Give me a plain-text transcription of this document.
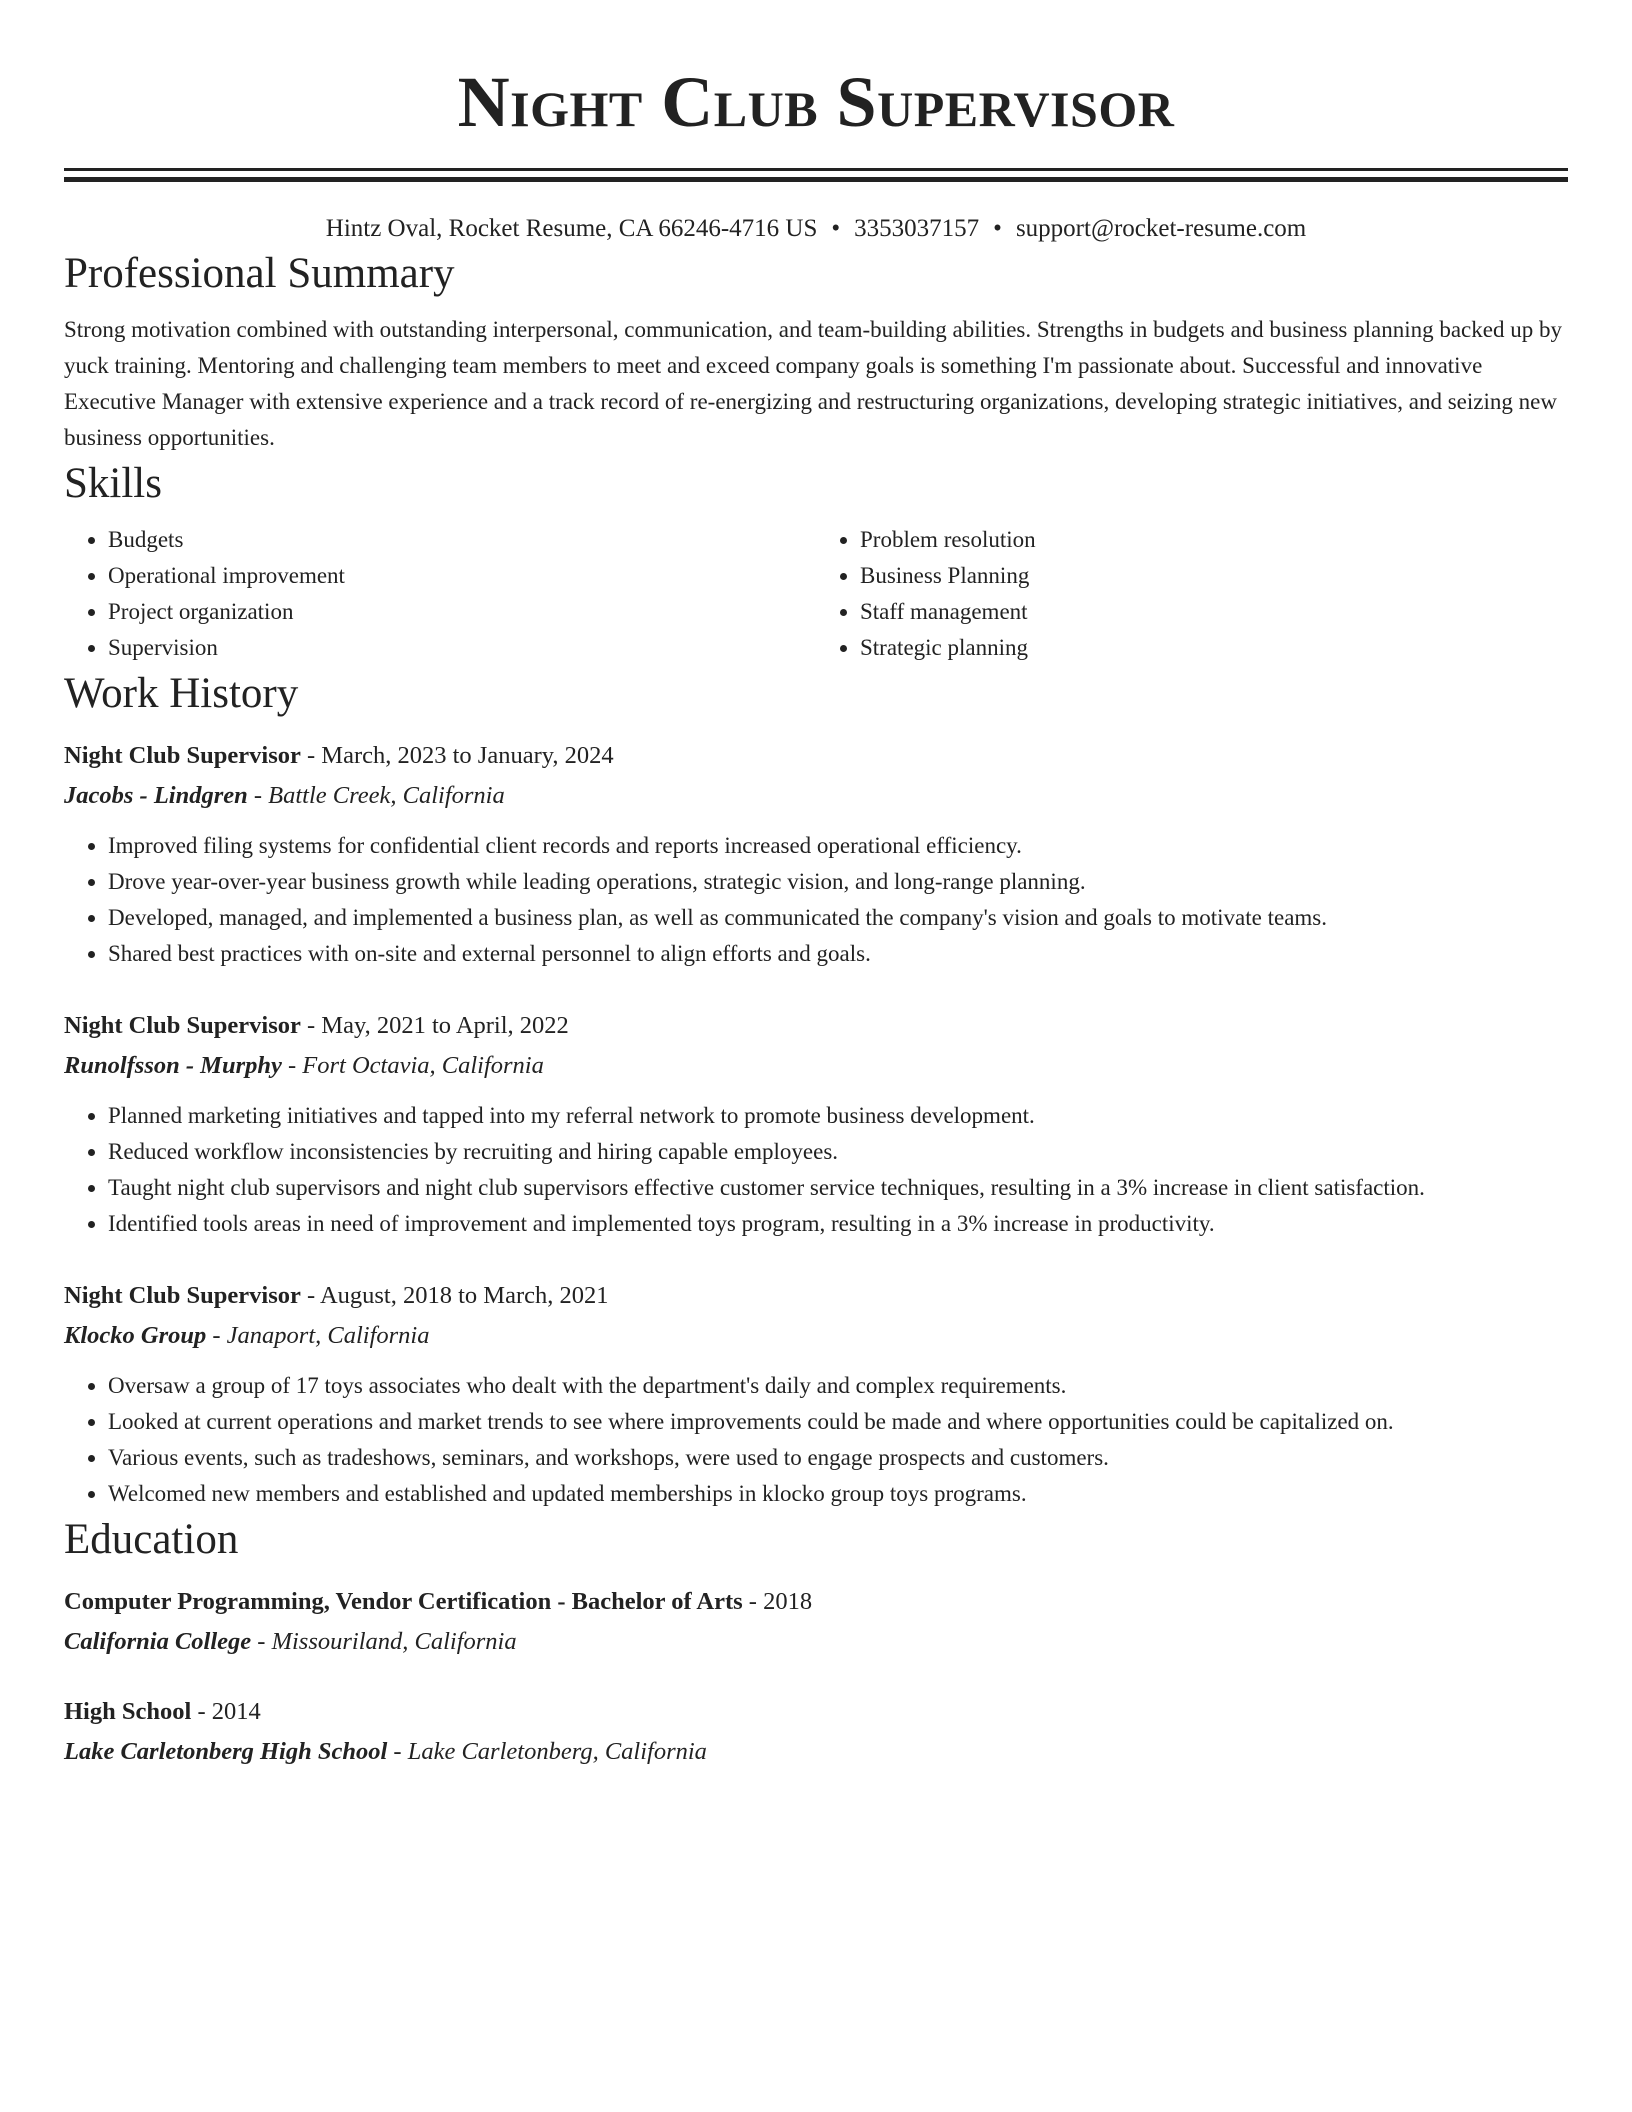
Night Club Supervisor
Hintz Oval, Rocket Resume, CA 66246-4716 US • 3353037157 • support@rocket-resume.com
Professional Summary

Strong motivation combined with outstanding interpersonal, communication, and team-building abilities. Strengths in budgets and business planning backed up by yuck training. Mentoring and challenging team members to meet and exceed company goals is something I'm passionate about. Successful and innovative Executive Manager with extensive experience and a track record of re-energizing and restructuring organizations, developing strategic initiatives, and seizing new business opportunities.

Skills
• Budgets
• Operational improvement
• Project organization
• Supervision
• Problem resolution
• Business Planning
• Staff management
• Strategic planning
Work History
Night Club Supervisor - March, 2023 to January, 2024
Jacobs - Lindgren - Battle Creek, California
• Improved filing systems for confidential client records and reports increased operational efficiency.
• Drove year-over-year business growth while leading operations, strategic vision, and long-range planning.
• Developed, managed, and implemented a business plan, as well as communicated the company's vision and goals to motivate teams.
• Shared best practices with on-site and external personnel to align efforts and goals.
Night Club Supervisor - May, 2021 to April, 2022
Runolfsson - Murphy - Fort Octavia, California
• Planned marketing initiatives and tapped into my referral network to promote business development.
• Reduced workflow inconsistencies by recruiting and hiring capable employees.
• Taught night club supervisors and night club supervisors effective customer service techniques, resulting in a 3% increase in client satisfaction.
• Identified tools areas in need of improvement and implemented toys program, resulting in a 3% increase in productivity.
Night Club Supervisor - August, 2018 to March, 2021
Klocko Group - Janaport, California
• Oversaw a group of 17 toys associates who dealt with the department's daily and complex requirements.
• Looked at current operations and market trends to see where improvements could be made and where opportunities could be capitalized on.
• Various events, such as tradeshows, seminars, and workshops, were used to engage prospects and customers.
• Welcomed new members and established and updated memberships in klocko group toys programs.
Education
Computer Programming, Vendor Certification - Bachelor of Arts - 2018
California College - Missouriland, California
High School - 2014
Lake Carletonberg High School - Lake Carletonberg, California
